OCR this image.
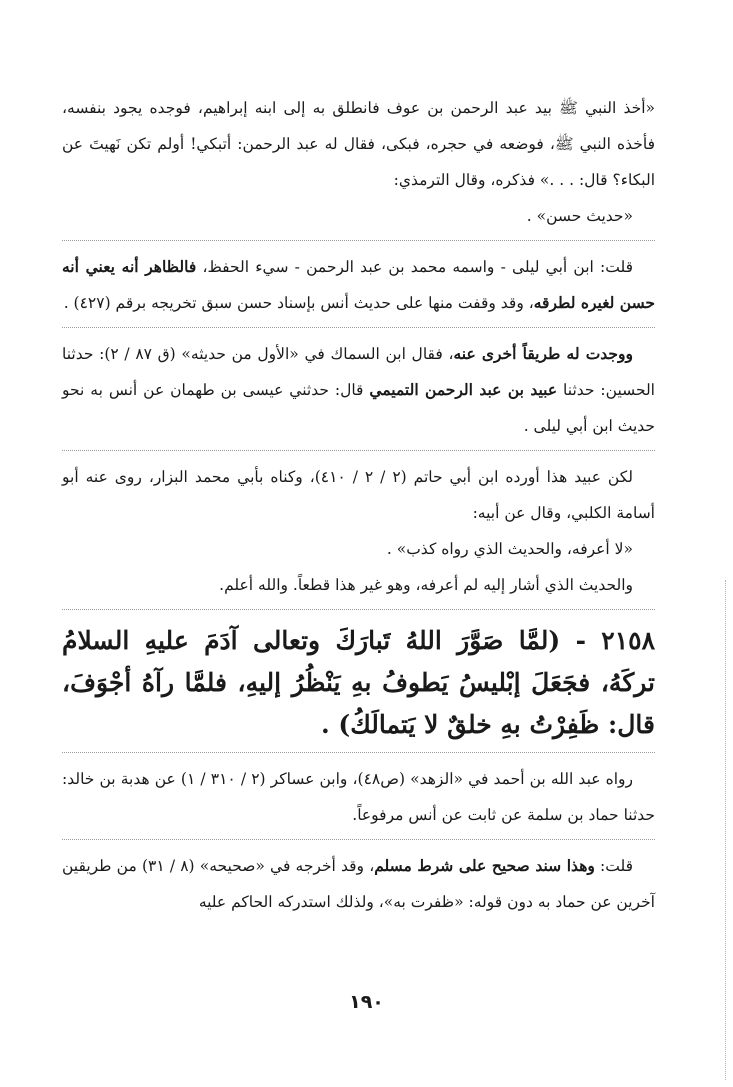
«أخذ النبي ﷺ بيد عبد الرحمن بن عوف فانطلق به إلى ابنه إبراهيم، فوجده يجود بنفسه، فأخذه النبي ﷺ، فوضعه في حجره، فبكى، فقال له عبد الرحمن: أتبكي! أولم تكن نَهيتَ عن البكاء؟ قال: . . .» فذكره، وقال الترمذي:

«حديث حسن» .

قلت: ابن أبي ليلى - واسمه محمد بن عبد الرحمن - سيء الحفظ، فالظاهر أنه يعني أنه حسن لغيره لطرقه، وقد وقفت منها على حديث أنس بإسناد حسن سبق تخريجه برقم (٤٢٧) .

ووجدت له طريقاً أخرى عنه، فقال ابن السماك في «الأول من حديثه» (ق ٨٧ / ٢): حدثنا الحسين: حدثنا عبيد بن عبد الرحمن التميمي قال: حدثني عيسى بن طهمان عن أنس به نحو حديث ابن أبي ليلى .

لكن عبيد هذا أورده ابن أبي حاتم (٢ / ٢ / ٤١٠)، وكناه بأبي محمد البزار، روى عنه أبو أسامة الكلبي، وقال عن أبيه:

«لا أعرفه، والحديث الذي رواه كذب» .

والحديث الذي أشار إليه لم أعرفه، وهو غير هذا قطعاً. والله أعلم.

٢١٥٨ - (لمَّا صَوَّرَ اللهُ تَبارَكَ وتعالى آدَمَ عليهِ السلامُ تركَهُ، فجَعَلَ إبْليسُ يَطوفُ بهِ يَنْظُرُ إليهِ، فلمَّا رآهُ أجْوَفَ، قال: ظَفِرْتُ بهِ خلقٌ لا يَتمالَكُ) .

رواه عبد الله بن أحمد في «الزهد» (ص٤٨)، وابن عساكر (٢ / ٣١٠ / ١) عن هدبة بن خالد: حدثنا حماد بن سلمة عن ثابت عن أنس مرفوعاً.

قلت: وهذا سند صحيح على شرط مسلم، وقد أخرجه في «صحيحه» (٨ / ٣١) من طريقين آخرين عن حماد به دون قوله: «ظفرت به»، ولذلك استدركه الحاكم عليه

١٩٠
